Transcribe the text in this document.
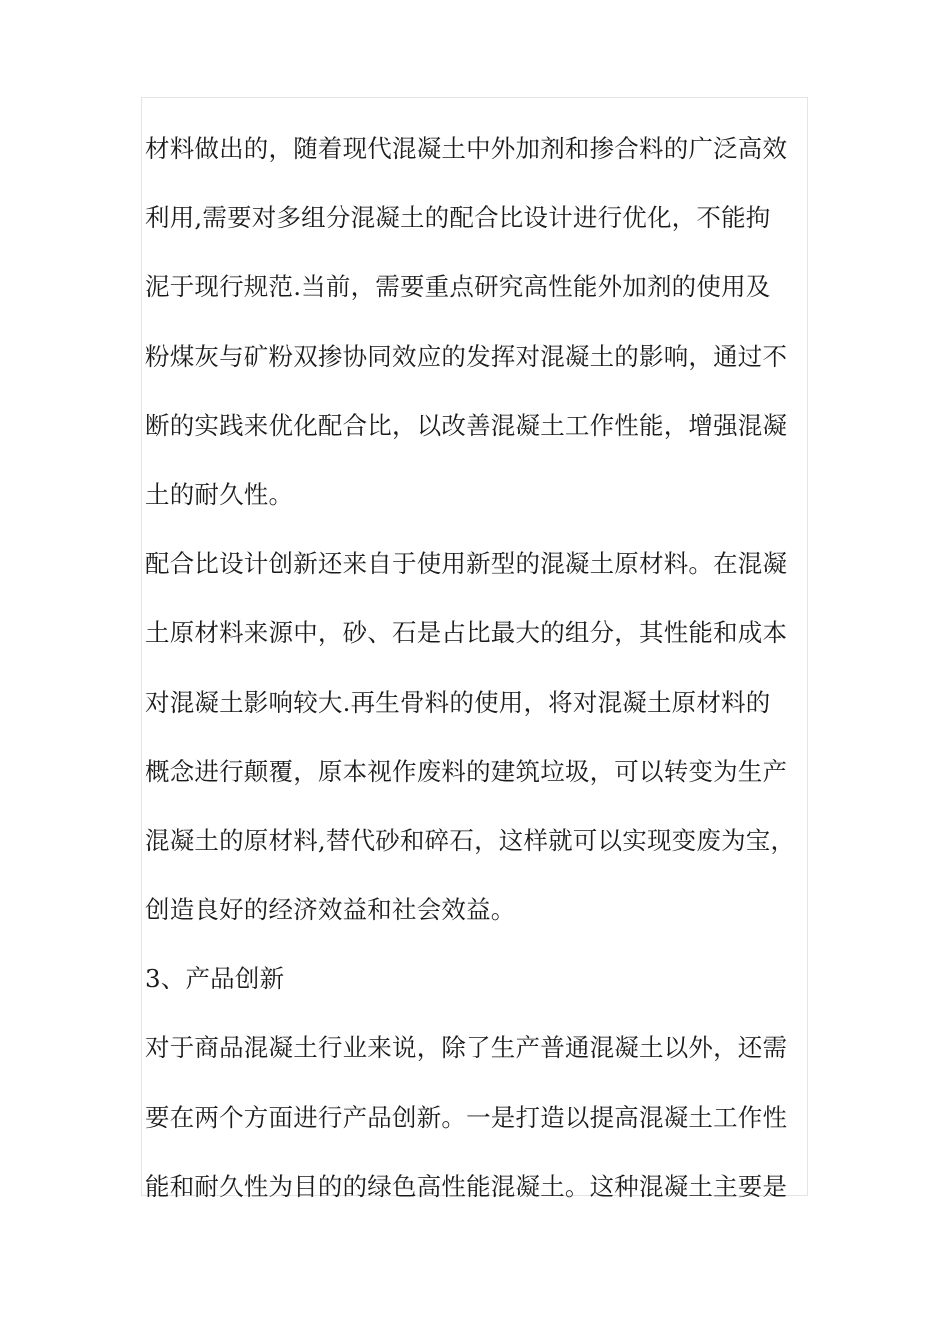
材料做出的，随着现代混凝土中外加剂和掺合料的广泛高效
利用,需要对多组分混凝土的配合比设计进行优化，不能拘
泥于现行规范.当前，需要重点研究高性能外加剂的使用及
粉煤灰与矿粉双掺协同效应的发挥对混凝土的影响，通过不
断的实践来优化配合比，以改善混凝土工作性能，增强混凝
土的耐久性。
配合比设计创新还来自于使用新型的混凝土原材料。在混凝
土原材料来源中，砂、石是占比最大的组分，其性能和成本
对混凝土影响较大.再生骨料的使用，将对混凝土原材料的
概念进行颠覆，原本视作废料的建筑垃圾，可以转变为生产
混凝土的原材料,替代砂和碎石，这样就可以实现变废为宝，
创造良好的经济效益和社会效益。
3、产品创新
对于商品混凝土行业来说，除了生产普通混凝土以外，还需
要在两个方面进行产品创新。一是打造以提高混凝土工作性
能和耐久性为目的的绿色高性能混凝土。这种混凝土主要是
